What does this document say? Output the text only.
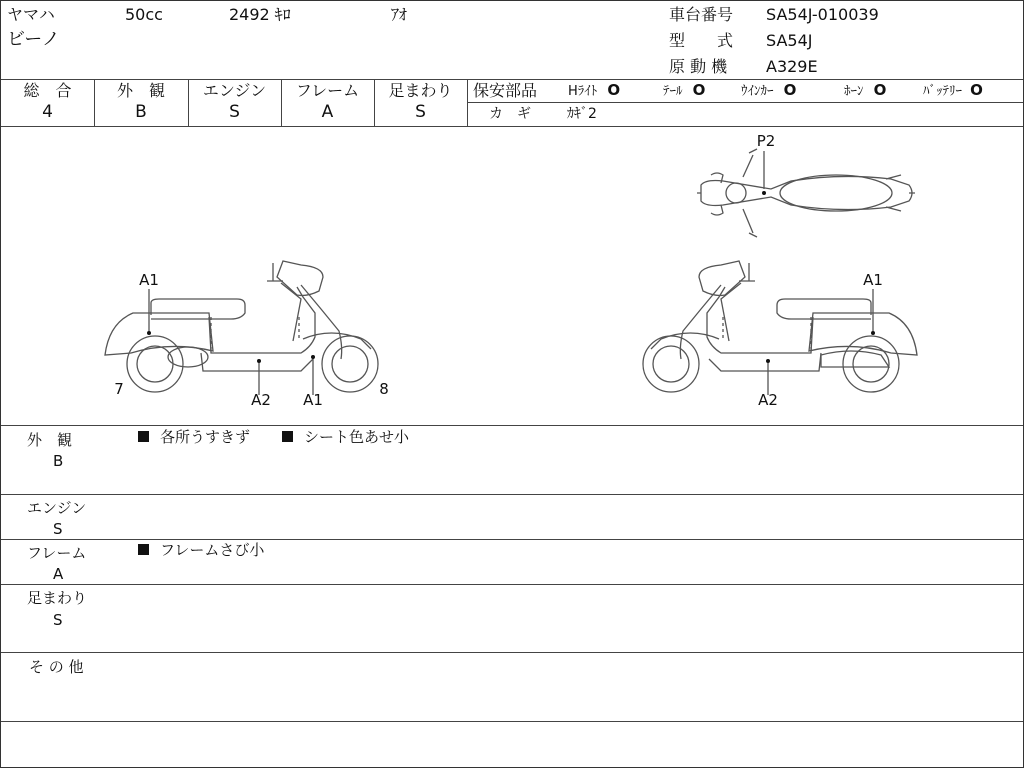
ヤマハ	50cc	2492 ｷﾛ	ｱｵ
ビーノ
車台番号 SA54J-010039
型　　式 SA54J
原 動 機 A329E
総　合
4
外　観
B
エンジン
S
フレーム
A
足まわり
S
保安部品 Hﾗｲﾄ O	ﾃｰﾙ O	ｳｲﾝｶｰ O	ﾎｰﾝ O	ﾊﾞｯﾃﾘｰ O
カ　ギ	ｶｷﾞ2
P2
A1
A2 A1
7	8
A1
A2
外　観
B
各所うすきず	シート色あせ小
エンジン
S
フレーム
A
フレームさび小
足まわり
S
そ の 他
